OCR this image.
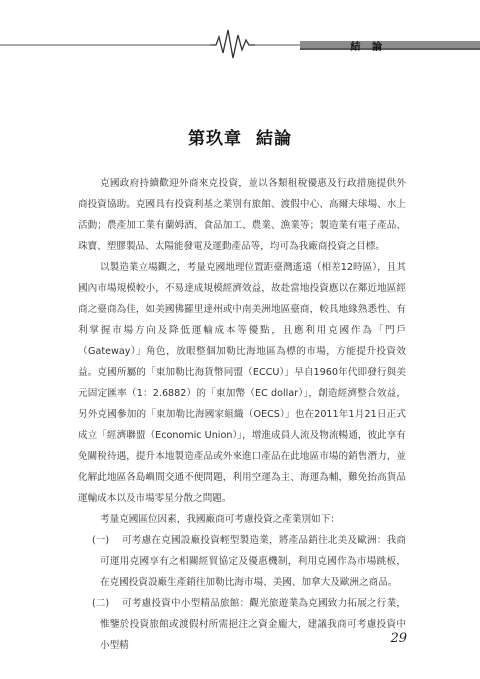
結 論
第玖章 結論

克國政府持續歡迎外商來克投資，並以各類租稅優惠及行政措施提供外商投資協助。克國具有投資利基之業別有旅館、渡假中心、高爾夫球場、水上活動；農產加工業有蘭姆酒、食品加工、農業、漁業等；製造業有電子產品、珠寶、塑膠製品、太陽能發電及運動產品等，均可為我廠商投資之目標。

以製造業立場觀之，考量克國地理位置距臺灣遙遠（相差12時區），且其國內市場規模較小，不易達成規模經濟效益，故赴當地投資應以在鄰近地區經商之臺商為佳，如美國佛羅里達州或中南美洲地區臺商，較具地緣熟悉性、有利掌握市場方向及降低運輸成本等優點，且應利用克國作為「門戶（Gateway）」角色，放眼整個加勒比海地區為標的市場，方能提升投資效益。克國所屬的「東加勒比海貨幣同盟（ECCU）」早自1960年代即發行與美元固定匯率（1：2.6882）的「東加幣（EC dollar）」，創造經濟整合效益，另外克國參加的「東加勒比海國家組織（OECS）」也在2011年1月21日正式成立「經濟聯盟（Economic Union）」，增進成員人流及物流暢通，彼此享有免關稅待遇，提升本地製造產品或外來進口產品在此地區市場的銷售潛力，並化解此地區各島嶼間交通不便問題，利用空運為主、海運為輔，難免抬高貨品運輸成本以及市場零星分散之問題。

考量克國區位因素，我國廠商可考慮投資之產業別如下：

(一) 可考慮在克國設廠投資輕型製造業，將產品銷往北美及歐洲：我商可運用克國享有之相關經貿協定及優惠機制，利用克國作為市場跳板，在克國投資設廠生產銷往加勒比海市場、美國、加拿大及歐洲之商品。

(二) 可考慮投資中小型精品旅館：觀光旅遊業為克國致力拓展之行業，惟鑒於投資旅館或渡假村所需挹注之資金龐大，建議我商可考慮投資中小型精	29
